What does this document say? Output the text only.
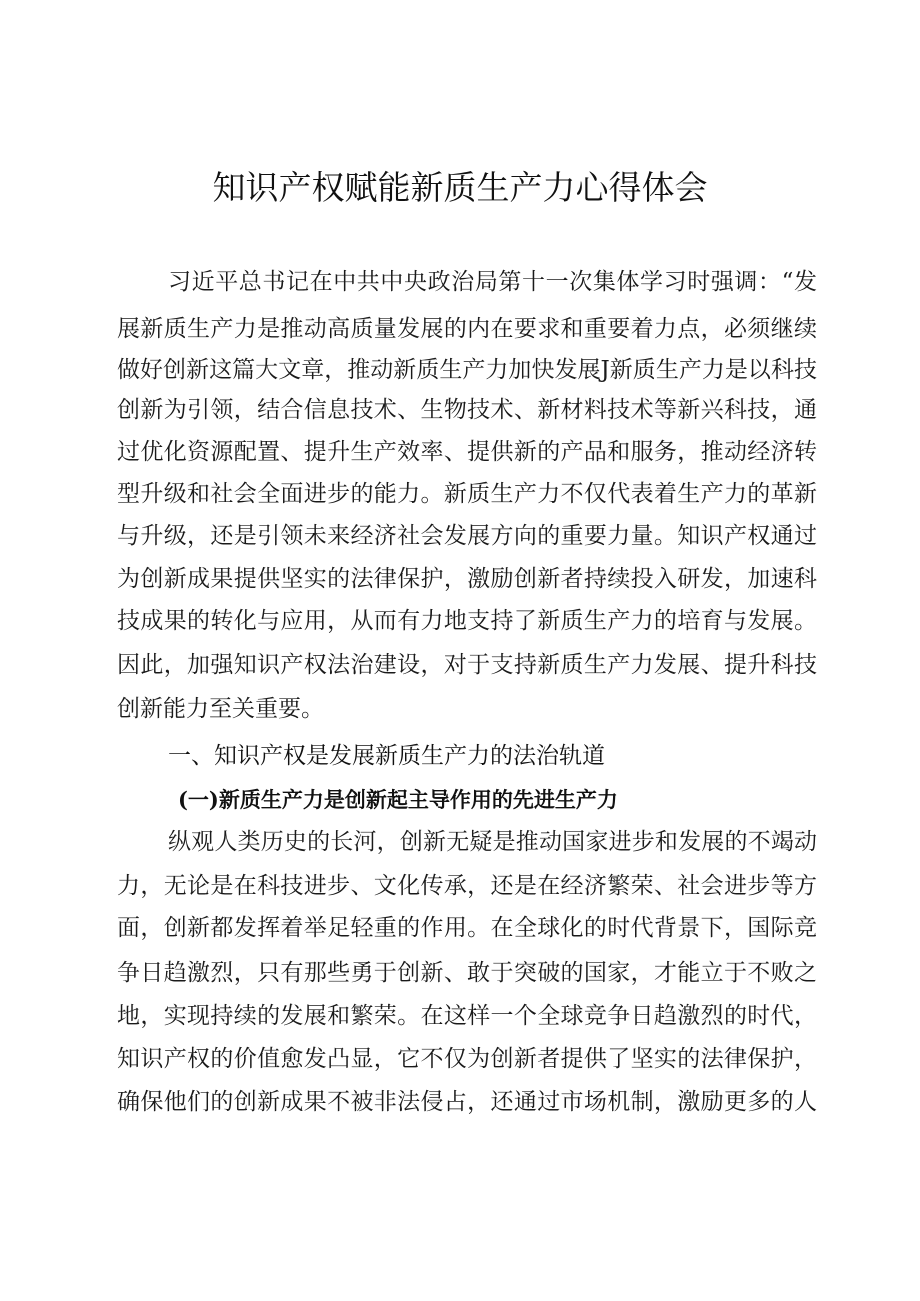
知识产权赋能新质生产力心得体会
习近平总书记在中共中央政治局第十一次集体学习时强调：“发
展新质生产力是推动高质量发展的内在要求和重要着力点，必须继续
做好创新这篇大文章，推动新质生产力加快发展J新质生产力是以科技
创新为引领，结合信息技术、生物技术、新材料技术等新兴科技，通
过优化资源配置、提升生产效率、提供新的产品和服务，推动经济转
型升级和社会全面进步的能力。新质生产力不仅代表着生产力的革新
与升级，还是引领未来经济社会发展方向的重要力量。知识产权通过
为创新成果提供坚实的法律保护，激励创新者持续投入研发，加速科
技成果的转化与应用，从而有力地支持了新质生产力的培育与发展。
因此，加强知识产权法治建设，对于支持新质生产力发展、提升科技
创新能力至关重要。
一、知识产权是发展新质生产力的法治轨道
(一)新质生产力是创新起主导作用的先进生产力
纵观人类历史的长河，创新无疑是推动国家进步和发展的不竭动
力，无论是在科技进步、文化传承，还是在经济繁荣、社会进步等方
面，创新都发挥着举足轻重的作用。在全球化的时代背景下，国际竞
争日趋激烈，只有那些勇于创新、敢于突破的国家，才能立于不败之
地，实现持续的发展和繁荣。在这样一个全球竞争日趋激烈的时代，
知识产权的价值愈发凸显，它不仅为创新者提供了坚实的法律保护，
确保他们的创新成果不被非法侵占，还通过市场机制，激励更多的人
